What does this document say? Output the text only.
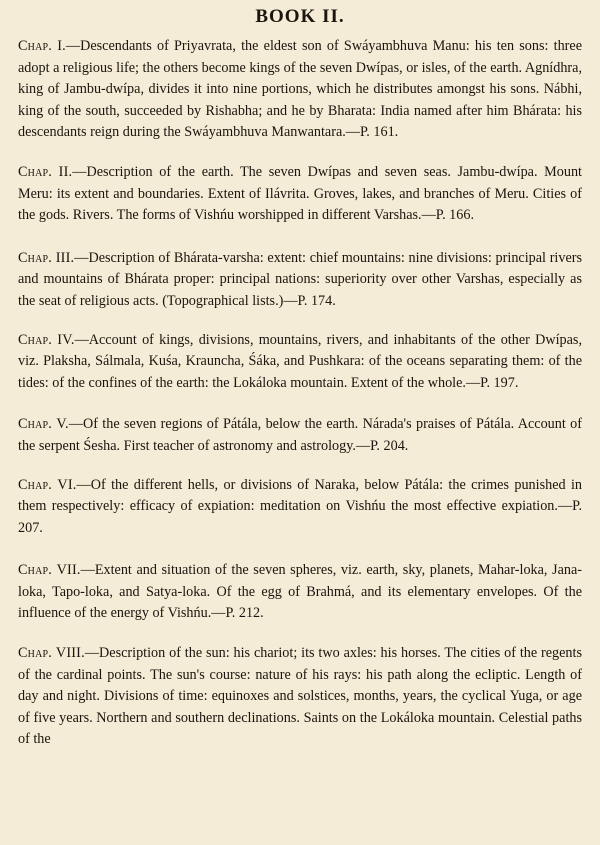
BOOK II.

Chap. I.—Descendants of Priyavrata, the eldest son of Swáyambhuva Manu: his ten sons: three adopt a religious life; the others become kings of the seven Dwípas, or isles, of the earth. Agnídhra, king of Jambu-dwípa, divides it into nine portions, which he distributes amongst his sons. Nábhi, king of the south, succeeded by Rishabha; and he by Bharata: India named after him Bhárata: his descendants reign during the Swáyambhuva Manwantara.—P. 161.

Chap. II.—Description of the earth. The seven Dwípas and seven seas. Jambu-dwípa. Mount Meru: its extent and boundaries. Extent of Ilávrita. Groves, lakes, and branches of Meru. Cities of the gods. Rivers. The forms of Vishńu worshipped in different Varshas.—P. 166.

Chap. III.—Description of Bhárata-varsha: extent: chief mountains: nine divisions: principal rivers and mountains of Bhárata proper: principal nations: superiority over other Varshas, especially as the seat of religious acts. (Topographical lists.)—P. 174.

Chap. IV.—Account of kings, divisions, mountains, rivers, and inhabitants of the other Dwípas, viz. Plaksha, Sálmala, Kuśa, Krauncha, Śáka, and Pushkara: of the oceans separating them: of the tides: of the confines of the earth: the Lokáloka mountain. Extent of the whole.—P. 197.

Chap. V.—Of the seven regions of Pátála, below the earth. Nárada's praises of Pátála. Account of the serpent Śesha. First teacher of astronomy and astrology.—P. 204.

Chap. VI.—Of the different hells, or divisions of Naraka, below Pátála: the crimes punished in them respectively: efficacy of expiation: meditation on Vishńu the most effective expiation.—P. 207.

Chap. VII.—Extent and situation of the seven spheres, viz. earth, sky, planets, Mahar-loka, Jana-loka, Tapo-loka, and Satya-loka. Of the egg of Brahmá, and its elementary envelopes. Of the influence of the energy of Vishńu.—P. 212.

Chap. VIII.—Description of the sun: his chariot; its two axles: his horses. The cities of the regents of the cardinal points. The sun's course: nature of his rays: his path along the ecliptic. Length of day and night. Divisions of time: equinoxes and solstices, months, years, the cyclical Yuga, or age of five years. Northern and southern declinations. Saints on the Lokáloka mountain. Celestial paths of the
